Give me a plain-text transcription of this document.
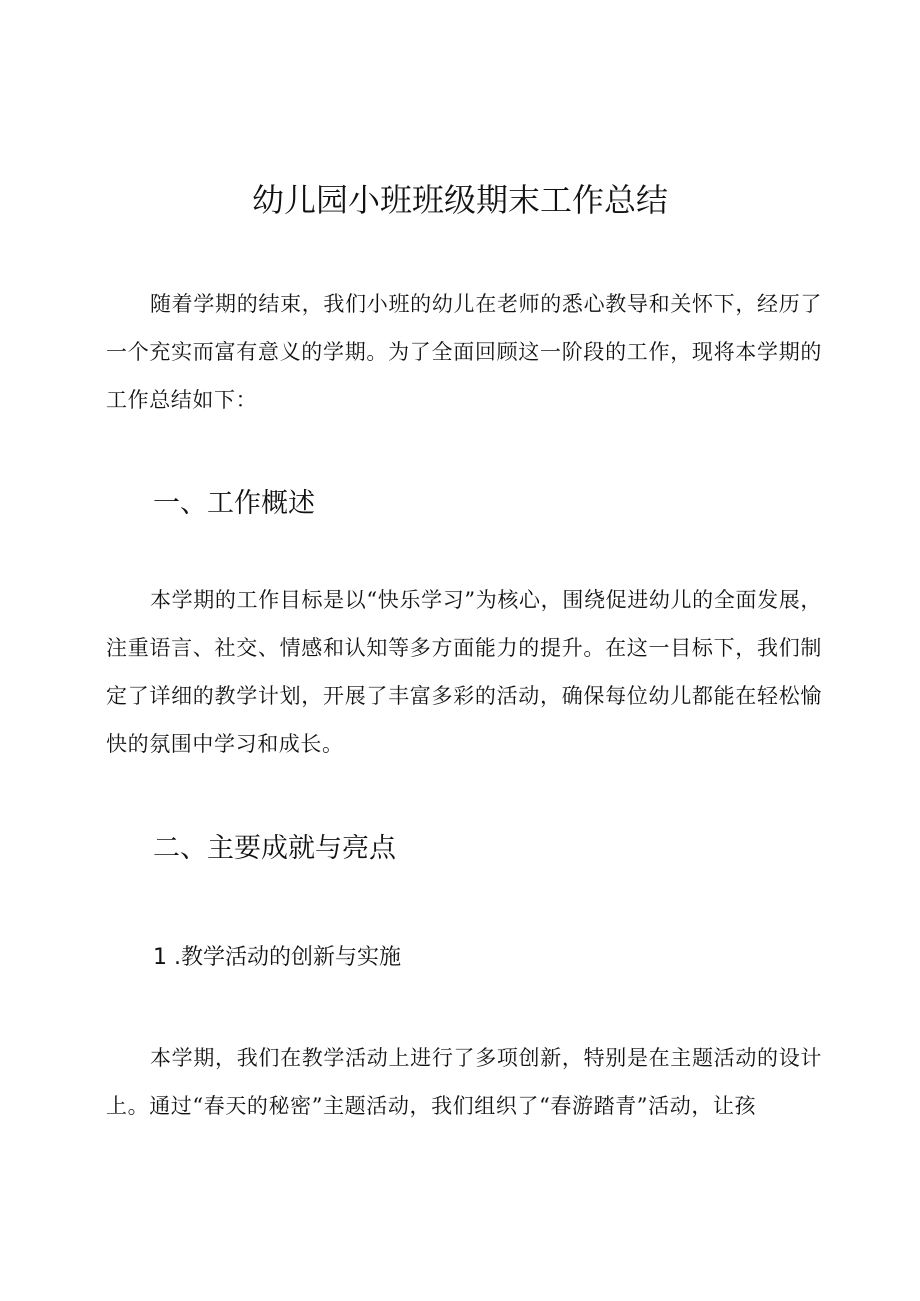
幼儿园小班班级期末工作总结

随着学期的结束，我们小班的幼儿在老师的悉心教导和关怀下，经历了一个充实而富有意义的学期。为了全面回顾这一阶段的工作，现将本学期的工作总结如下：

一、工作概述

本学期的工作目标是以“快乐学习”为核心，围绕促进幼儿的全面发展，注重语言、社交、情感和认知等多方面能力的提升。在这一目标下，我们制定了详细的教学计划，开展了丰富多彩的活动，确保每位幼儿都能在轻松愉快的氛围中学习和成长。

二、主要成就与亮点
1 .教学活动的创新与实施

本学期，我们在教学活动上进行了多项创新，特别是在主题活动的设计上。通过“春天的秘密”主题活动，我们组织了“春游踏青”活动，让孩
